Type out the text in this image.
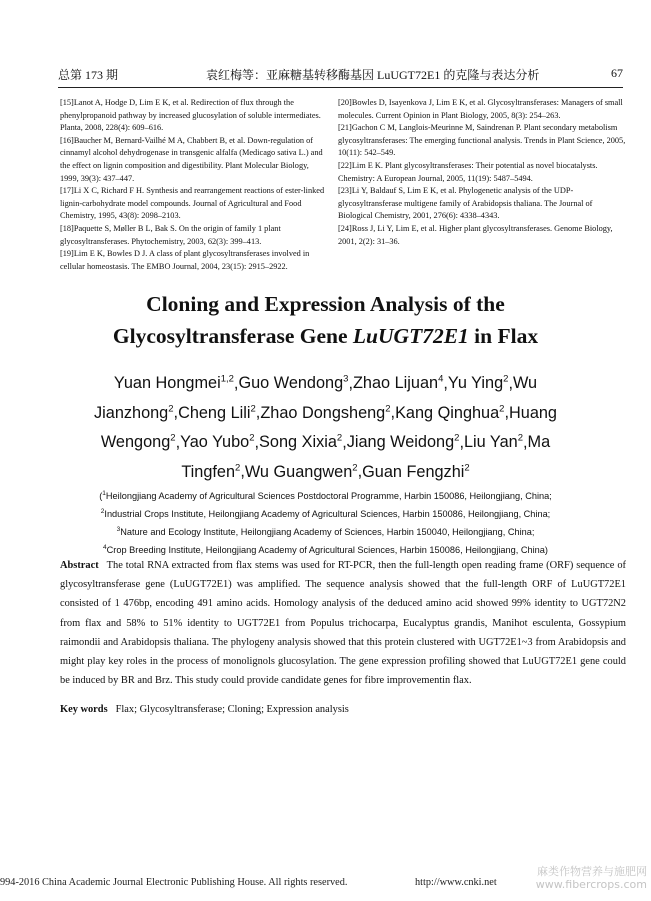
总第 173 期	袁红梅等：亚麻糖基转移酶基因 LuUGT72E1 的克隆与表达分析	67
[15]Lanot A, Hodge D, Lim E K, et al. Redirection of flux through the phenylpropanoid pathway by increased glucosylation of soluble intermediates. Planta, 2008, 228(4): 609–616.
[16]Baucher M, Bernard-Vailhé M A, Chabbert B, et al. Down-regulation of cinnamyl alcohol dehydrogenase in transgenic alfalfa (Medicago sativa L.) and the effect on lignin composition and digestibility. Plant Molecular Biology, 1999, 39(3): 437–447.
[17]Li X C, Richard F H. Synthesis and rearrangement reactions of ester-linked lignin-carbohydrate model compounds. Journal of Agricultural and Food Chemistry, 1995, 43(8): 2098–2103.
[18]Paquette S, Møller B L, Bak S. On the origin of family 1 plant glycosyltransferases. Phytochemistry, 2003, 62(3): 399–413.
[19]Lim E K, Bowles D J. A class of plant glycosyltransferases involved in cellular homeostasis. The EMBO Journal, 2004, 23(15): 2915–2922.
[20]Bowles D, Isayenkova J, Lim E K, et al. Glycosyltransferases: Managers of small molecules. Current Opinion in Plant Biology, 2005, 8(3): 254–263.
[21]Gachon C M, Langlois-Meurinne M, Saindrenan P. Plant secondary metabolism glycosyltransferases: The emerging functional analysis. Trends in Plant Science, 2005, 10(11): 542–549.
[22]Lim E K. Plant glycosyltransferases: Their potential as novel biocatalysts. Chemistry: A European Journal, 2005, 11(19): 5487–5494.
[23]Li Y, Baldauf S, Lim E K, et al. Phylogenetic analysis of the UDP-glycosyltransferase multigene family of Arabidopsis thaliana. The Journal of Biological Chemistry, 2001, 276(6): 4338–4343.
[24]Ross J, Li Y, Lim E, et al. Higher plant glycosyltransferases. Genome Biology, 2001, 2(2): 31–36.
Cloning and Expression Analysis of the
Glycosyltransferase Gene LuUGT72E1 in Flax
Yuan Hongmei$^{1,2}$,Guo Wendong$^3$,Zhao Lijuan$^4$,Yu Ying$^2$,Wu Jianzhong$^2$,Cheng Lili$^2$,Zhao Dongsheng$^2$,Kang Qinghua$^2$,Huang Wengong$^2$,Yao Yubo$^2$,Song Xixia$^2$,Jiang Weidong$^2$,Liu Yan$^2$,Ma Tingfen$^2$,Wu Guangwen$^2$,Guan Fengzhi$^2$
($^1$Heilongjiang Academy of Agricultural Sciences Postdoctoral Programme, Harbin 150086, Heilongjiang, China;
$^2$Industrial Crops Institute, Heilongjiang Academy of Agricultural Sciences, Harbin 150086, Heilongjiang, China;
$^3$Nature and Ecology Institute, Heilongjiang Academy of Sciences, Harbin 150040, Heilongjiang, China;
$^4$Crop Breeding Institute, Heilongjiang Academy of Agricultural Sciences, Harbin 150086, Heilongjiang, China)
Abstract The total RNA extracted from flax stems was used for RT-PCR, then the full-length open reading frame (ORF) sequence of glycosyltransferase gene (LuUGT72E1) was amplified. The sequence analysis showed that the full-length ORF of LuUGT72E1 consisted of 1 476bp, encoding 491 amino acids. Homology analysis of the deduced amino acid showed 99% identity to UGT72N2 from flax and 58% to 51% identity to UGT72E1 from Populus trichocarpa, Eucalyptus grandis, Manihot esculenta, Gossypium raimondii and Arabidopsis thaliana. The phylogeny analysis showed that this protein clustered with UGT72E1~3 from Arabidopsis and might play key roles in the process of monolignols glucosylation. The gene expression profiling showed that LuUGT72E1 gene could be induced by BR and Brz. This study could provide candidate genes for fibre improvementin flax.
Key words Flax; Glycosyltransferase; Cloning; Expression analysis
994-2016 China Academic Journal Electronic Publishing House. All rights reserved.	http://www.cnki.net
麻类作物营养与施肥网
www.fibercrops.com
